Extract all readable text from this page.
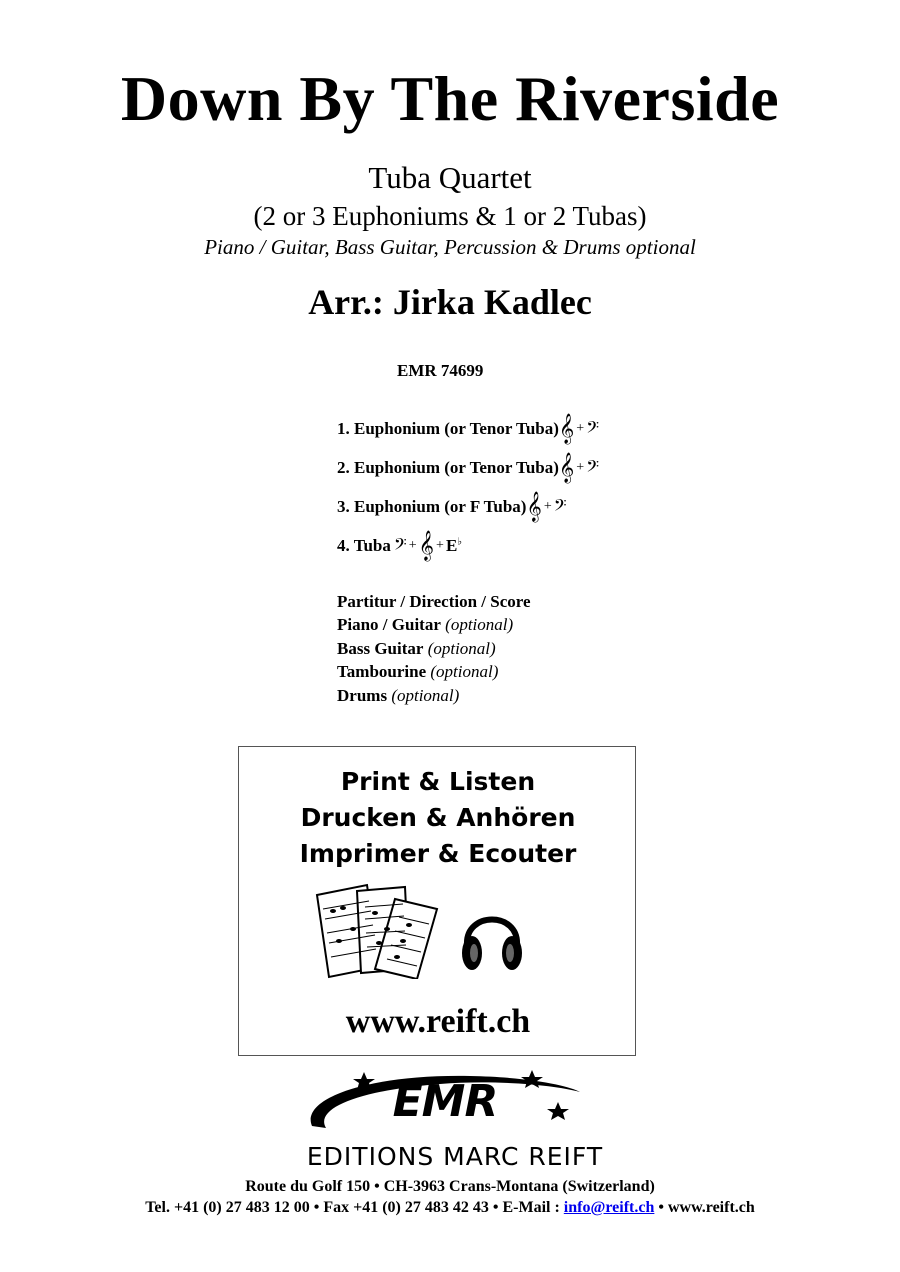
Down By The Riverside
Tuba Quartet
(2 or 3 Euphoniums & 1 or 2 Tubas)
Piano / Guitar, Bass Guitar, Percussion & Drums optional
Arr.: Jirka Kadlec
EMR 74699
1. Euphonium (or Tenor Tuba) 𝄞 + 𝄢
2. Euphonium (or Tenor Tuba) 𝄞 + 𝄢
3. Euphonium (or F Tuba) 𝄞 + 𝄢
4. Tuba 𝄢 + 𝄞 + E♭
Partitur / Direction / Score
Piano / Guitar (optional)
Bass Guitar (optional)
Tambourine (optional)
Drums (optional)
Print & Listen
Drucken & Anhören
Imprimer & Ecouter
www.reift.ch
EMR
EDITIONS MARC REIFT
Route du Golf 150 • CH-3963 Crans-Montana (Switzerland)
Tel. +41 (0) 27 483 12 00 • Fax +41 (0) 27 483 42 43 • E-Mail : info@reift.ch • www.reift.ch
